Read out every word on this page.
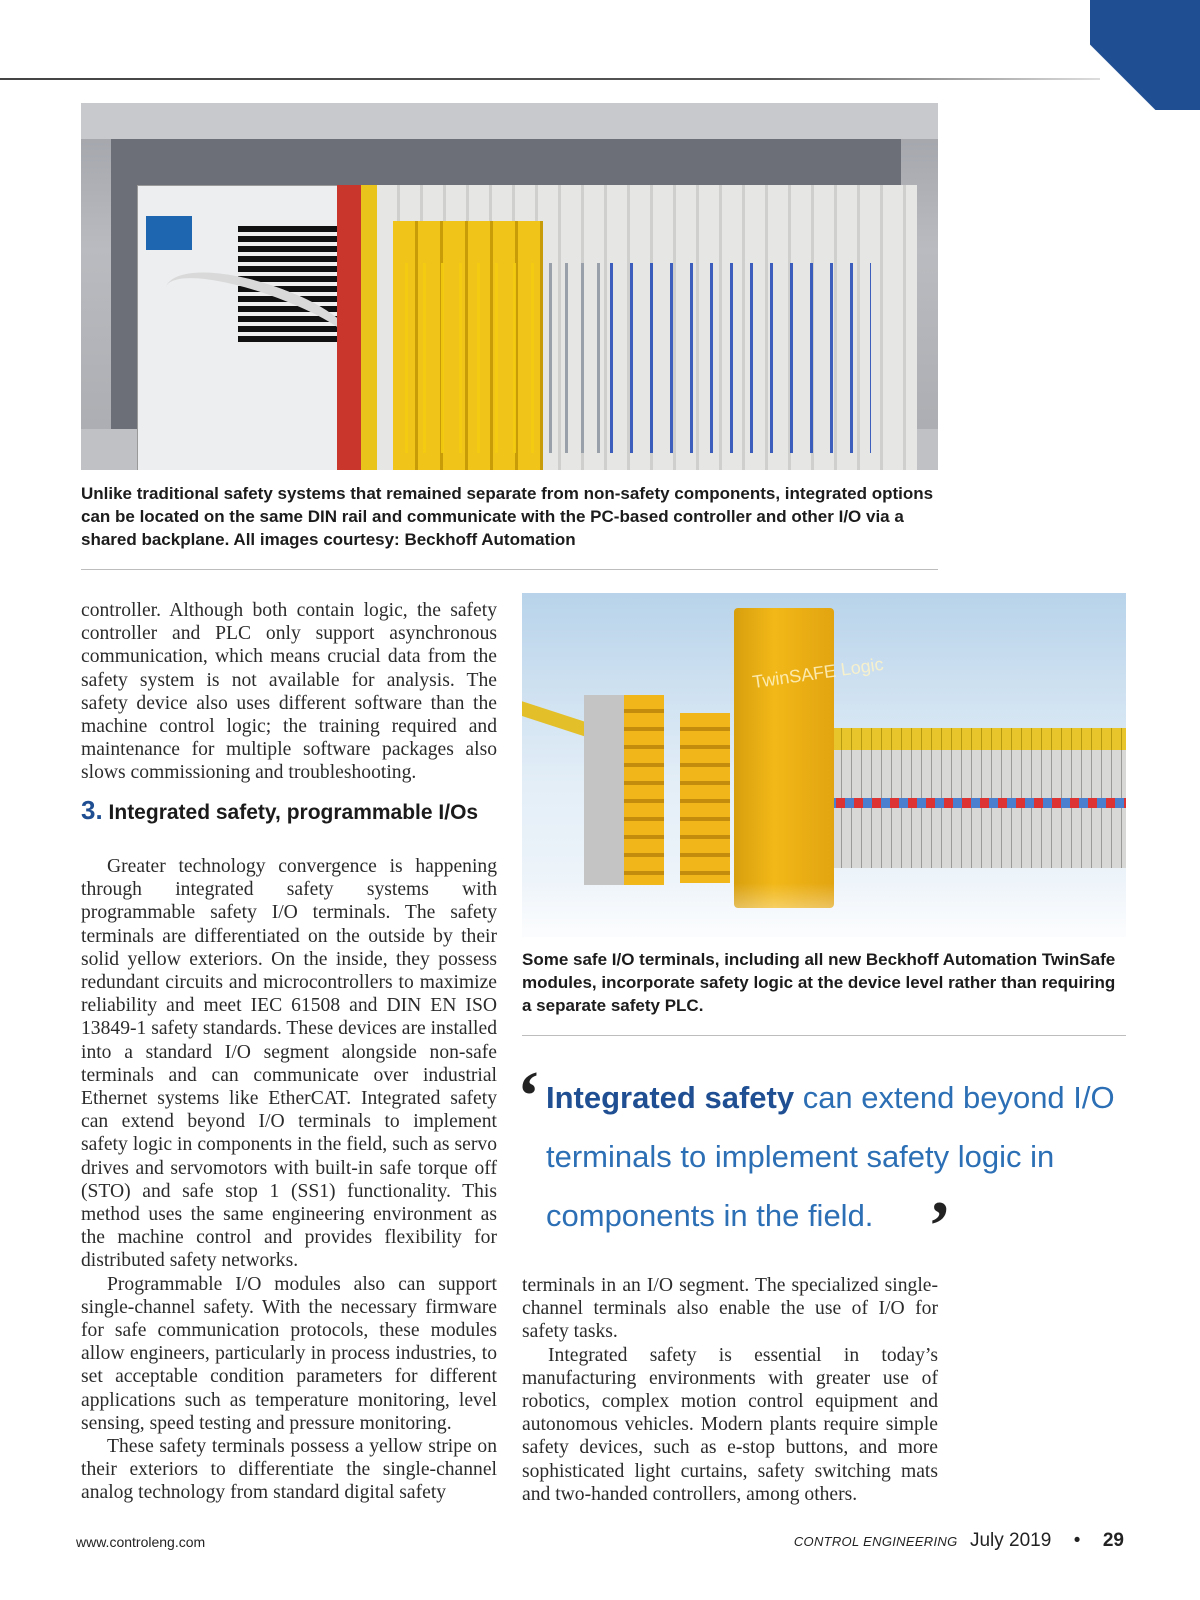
Unlike traditional safety systems that remained separate from non-safety components, integrated options can be located on the same DIN rail and communicate with the PC-based controller and other I/O via a shared backplane. All images courtesy: Beckhoff Automation

controller. Although both contain logic, the safety controller and PLC only support asynchronous communication, which means crucial data from the safety system is not available for analysis. The safety device also uses different software than the machine control logic; the training required and maintenance for multiple software packages also slows commissioning and troubleshooting.

3. Integrated safety, programmable I/Os

Greater technology convergence is happening through integrated safety systems with programmable safety I/O terminals. The safety terminals are differentiated on the outside by their solid yellow exteriors. On the inside, they possess redundant circuits and microcontrollers to maximize reliability and meet IEC 61508 and DIN EN ISO 13849-1 safety standards. These devices are installed into a standard I/O segment alongside non-safe terminals and can communicate over industrial Ethernet systems like EtherCAT. Integrated safety can extend beyond I/O terminals to implement safety logic in components in the field, such as servo drives and servomotors with built-in safe torque off (STO) and safe stop 1 (SS1) functionality. This method uses the same engineering environment as the machine control and provides flexibility for distributed safety networks.

Programmable I/O modules also can support single-channel safety. With the necessary firmware for safe communication protocols, these modules allow engineers, particularly in process industries, to set acceptable condition parameters for different applications such as temperature monitoring, level sensing, speed testing and pressure monitoring.

These safety terminals possess a yellow stripe on their exteriors to differentiate the single-channel analog technology from standard digital safety

TwinSAFE Logic
Some safe I/O terminals, including all new Beckhoff Automation TwinSafe modules, incorporate safety logic at the device level rather than requiring a separate safety PLC.
‘ Integrated safety can extend beyond I/O terminals to implement safety logic in components in the field. ’

terminals in an I/O segment. The specialized single-channel terminals also enable the use of I/O for safety tasks.

Integrated safety is essential in today’s manufacturing environments with greater use of robotics, complex motion control equipment and autonomous vehicles. Modern plants require simple safety devices, such as e-stop buttons, and more sophisticated light curtains, safety switching mats and two-handed controllers, among others.

www.controleng.com	CONTROL ENGINEERING July 2019 • 29
